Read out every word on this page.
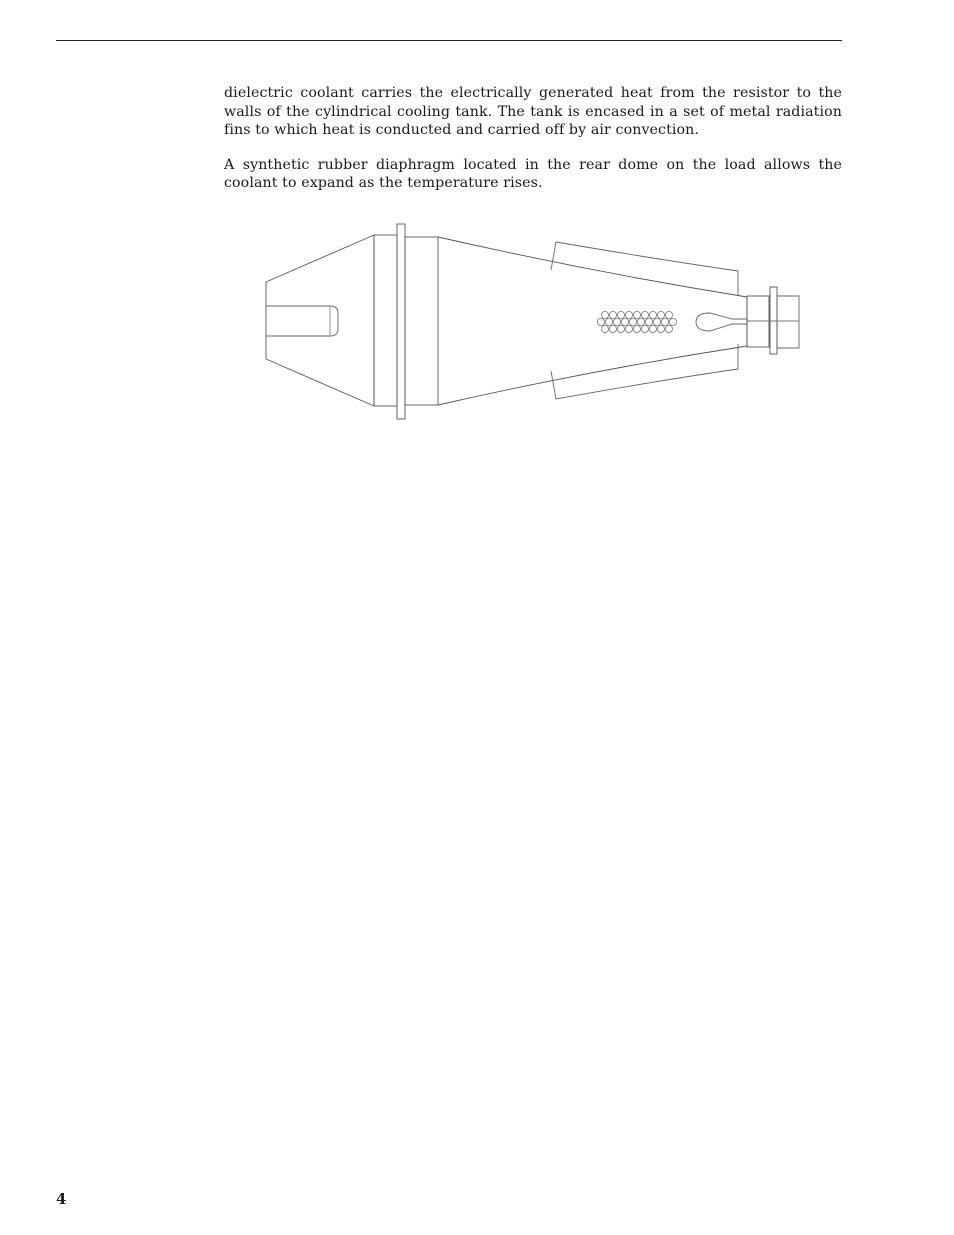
dielectric coolant carries the electrically generated heat from the resistor to the walls of the cylindrical cooling tank. The tank is encased in a set of metal radiation fins to which heat is conducted and carried off by air convection.

A synthetic rubber diaphragm located in the rear dome on the load allows the coolant to expand as the temperature rises.

4
